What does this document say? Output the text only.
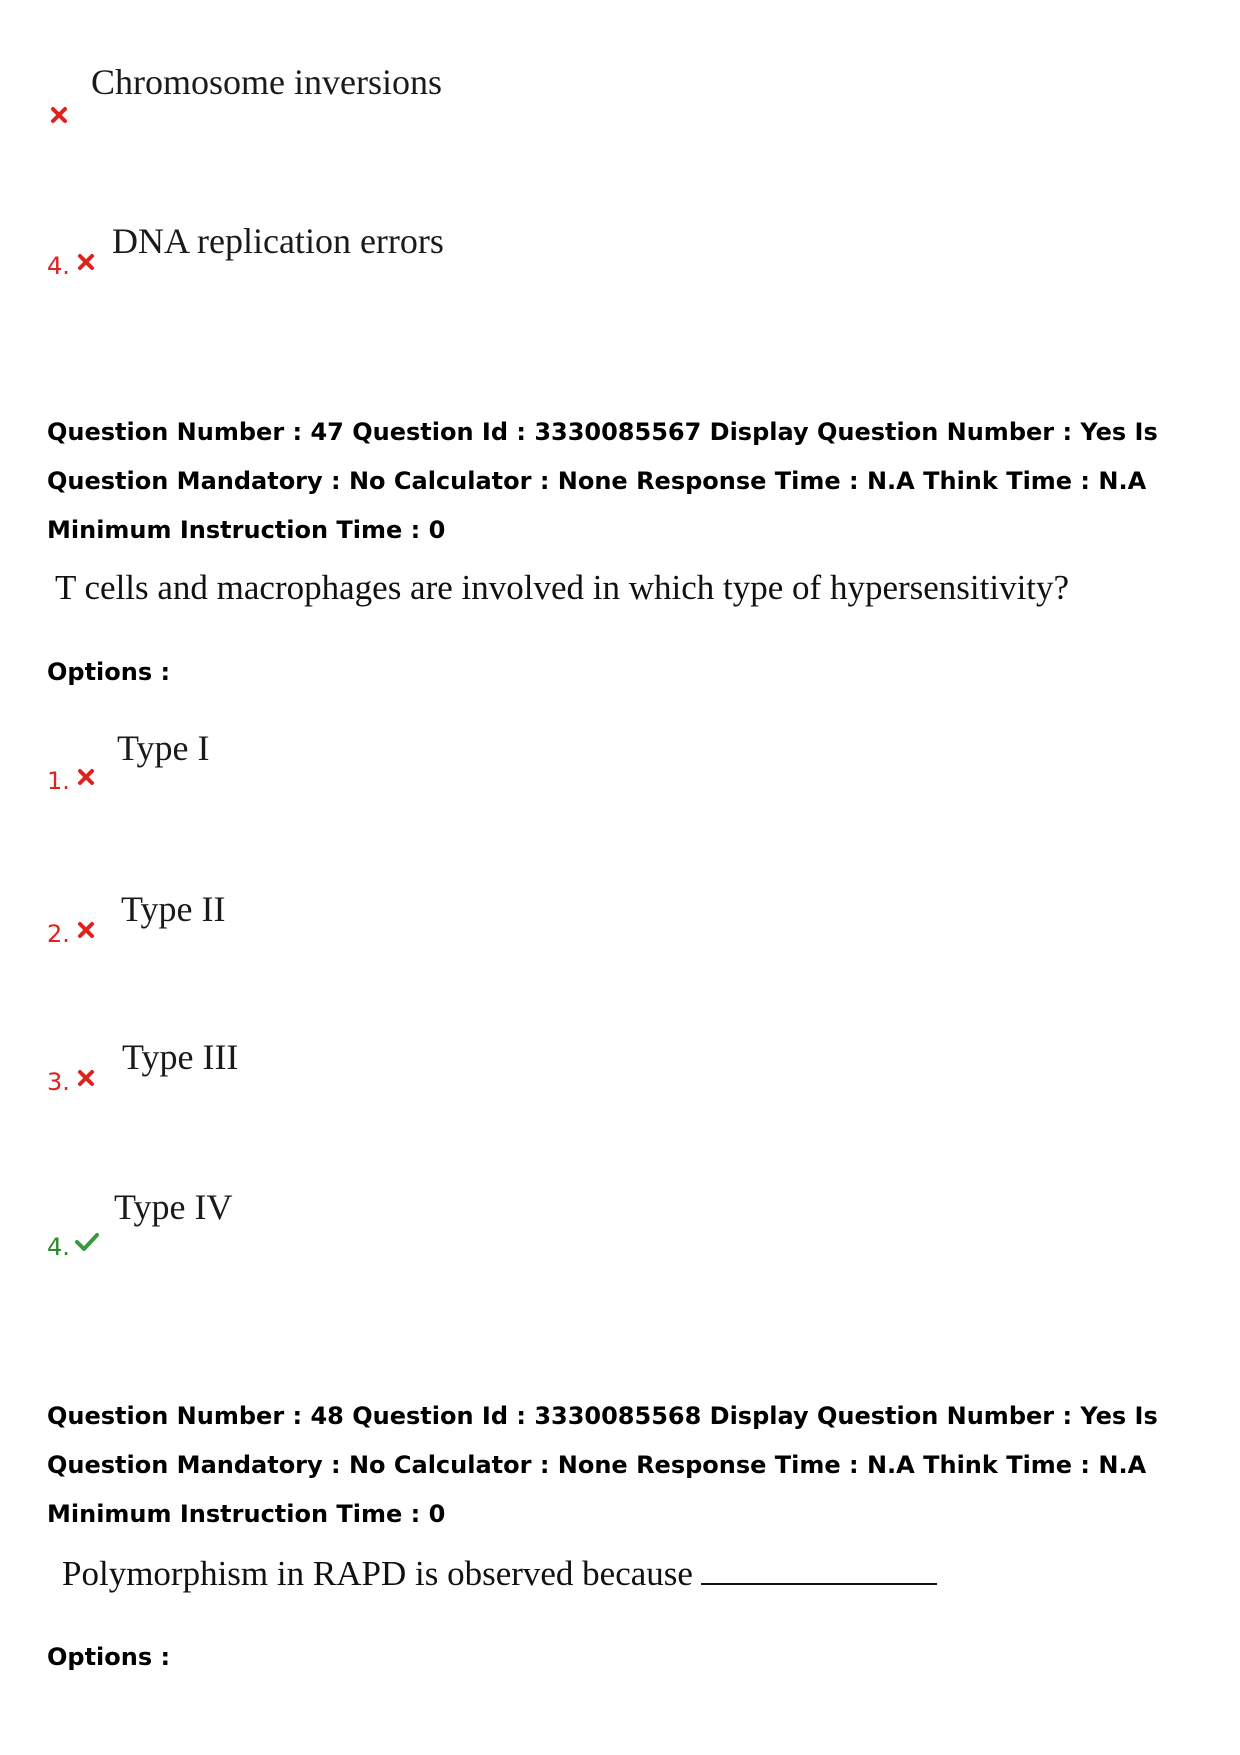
Chromosome inversions
4.
DNA replication errors
Question Number : 47 Question Id : 3330085567 Display Question Number : Yes Is Question Mandatory : No Calculator : None Response Time : N.A Think Time : N.A Minimum Instruction Time : 0
T cells and macrophages are involved in which type of hypersensitivity?
Options :
1.
Type I
2.
Type II
3.
Type III
4.
Type IV
Question Number : 48 Question Id : 3330085568 Display Question Number : Yes Is Question Mandatory : No Calculator : None Response Time : N.A Think Time : N.A Minimum Instruction Time : 0
Polymorphism in RAPD is observed because
Options :
